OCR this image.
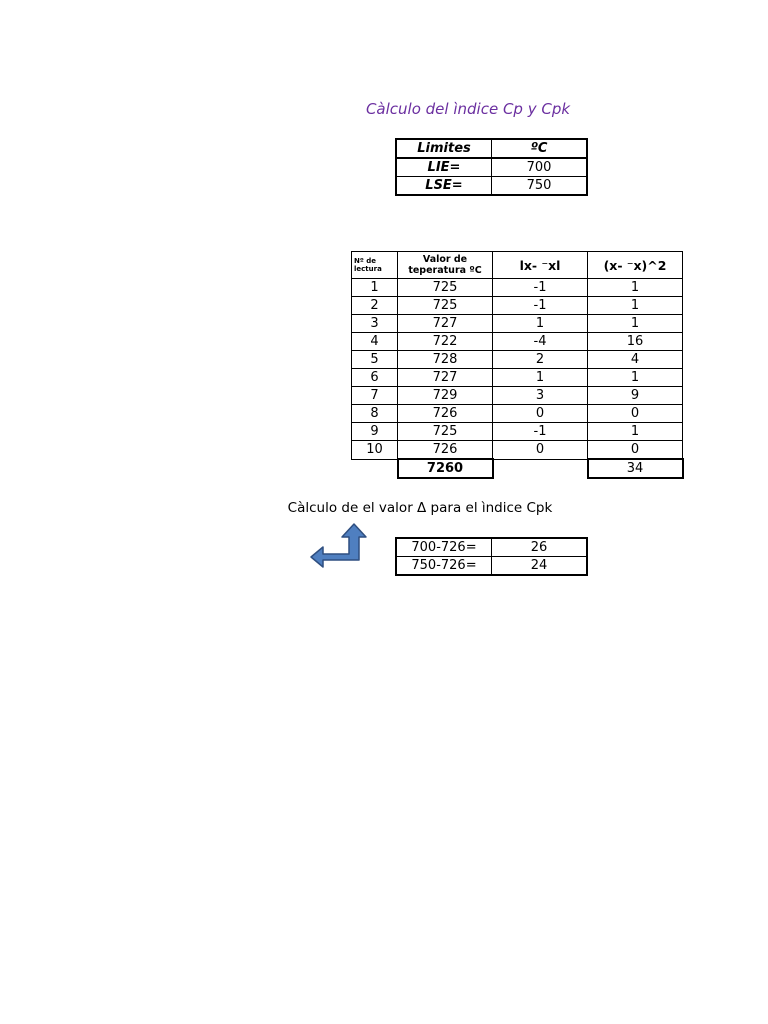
Càlculo del ìndice Cp y Cpk
Limites	ºC
LIE=	700
LSE=	750
Nº de lectura	Valor de teperatura ºC	lx- ⁻xl	(x- ⁻x)^2
1	725	-1	1
2	725	-1	1
3	727	1	1
4	722	-4	16
5	728	2	4
6	727	1	1
7	729	3	9
8	726	0	0
9	725	-1	1
10	726	0	0
	7260		34
Càlculo de el valor Δ para el ìndice Cpk
700-726=	26
750-726=	24
